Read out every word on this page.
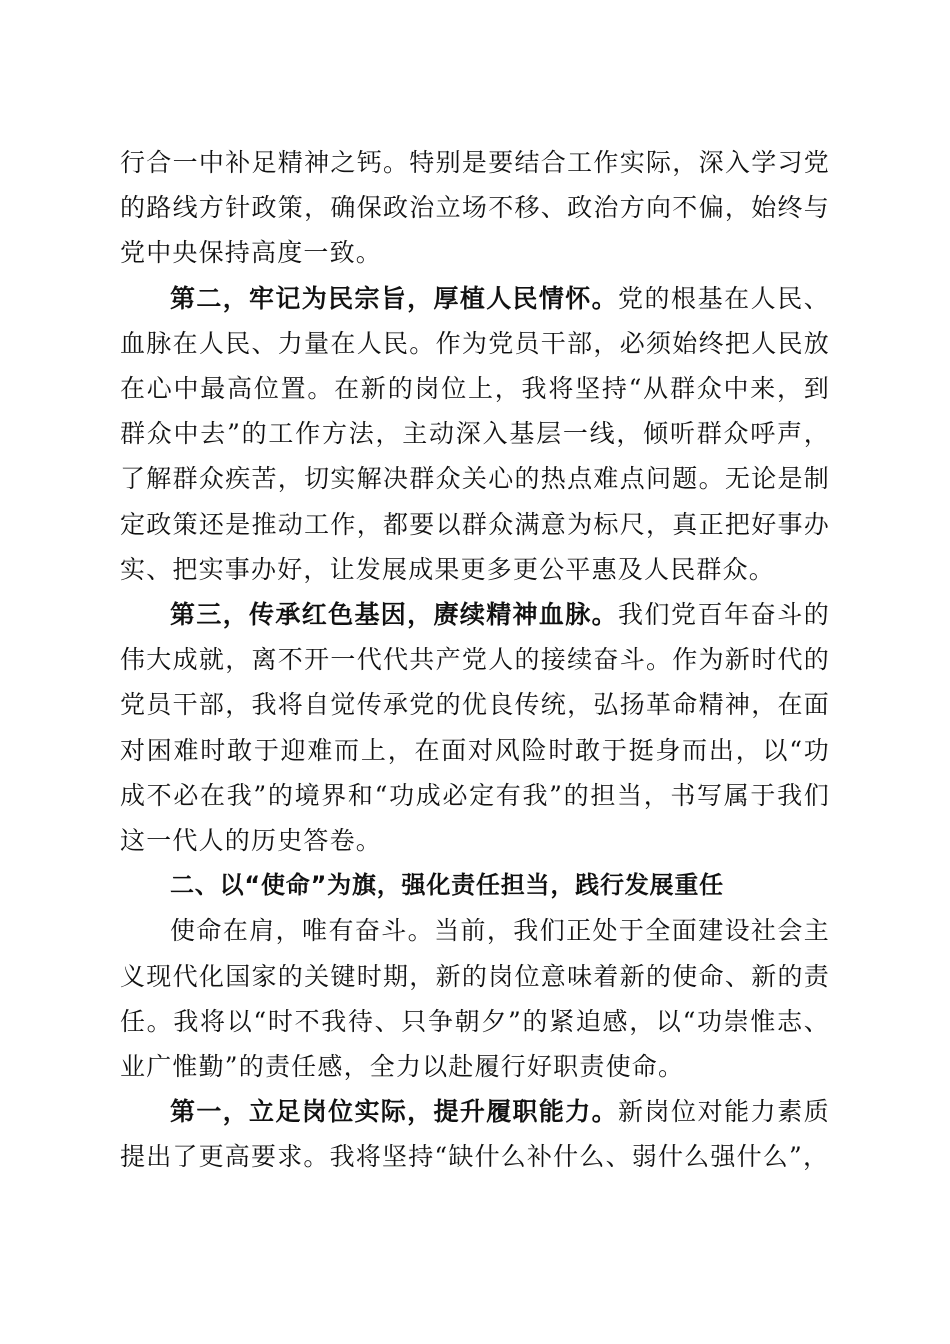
行合一中补足精神之钙。特别是要结合工作实际，深入学习党的路线方针政策，确保政治立场不移、政治方向不偏，始终与党中央保持高度一致。

第二，牢记为民宗旨，厚植人民情怀。党的根基在人民、血脉在人民、力量在人民。作为党员干部，必须始终把人民放在心中最高位置。在新的岗位上，我将坚持“从群众中来，到群众中去”的工作方法，主动深入基层一线，倾听群众呼声，了解群众疾苦，切实解决群众关心的热点难点问题。无论是制定政策还是推动工作，都要以群众满意为标尺，真正把好事办实、把实事办好，让发展成果更多更公平惠及人民群众。

第三，传承红色基因，赓续精神血脉。我们党百年奋斗的伟大成就，离不开一代代共产党人的接续奋斗。作为新时代的党员干部，我将自觉传承党的优良传统，弘扬革命精神，在面对困难时敢于迎难而上，在面对风险时敢于挺身而出，以“功成不必在我”的境界和“功成必定有我”的担当，书写属于我们这一代人的历史答卷。

二、以“使命”为旗，强化责任担当，践行发展重任

使命在肩，唯有奋斗。当前，我们正处于全面建设社会主义现代化国家的关键时期，新的岗位意味着新的使命、新的责任。我将以“时不我待、只争朝夕”的紧迫感，以“功崇惟志、业广惟勤”的责任感，全力以赴履行好职责使命。

第一，立足岗位实际，提升履职能力。新岗位对能力素质提出了更高要求。我将坚持“缺什么补什么、弱什么强什么”，
